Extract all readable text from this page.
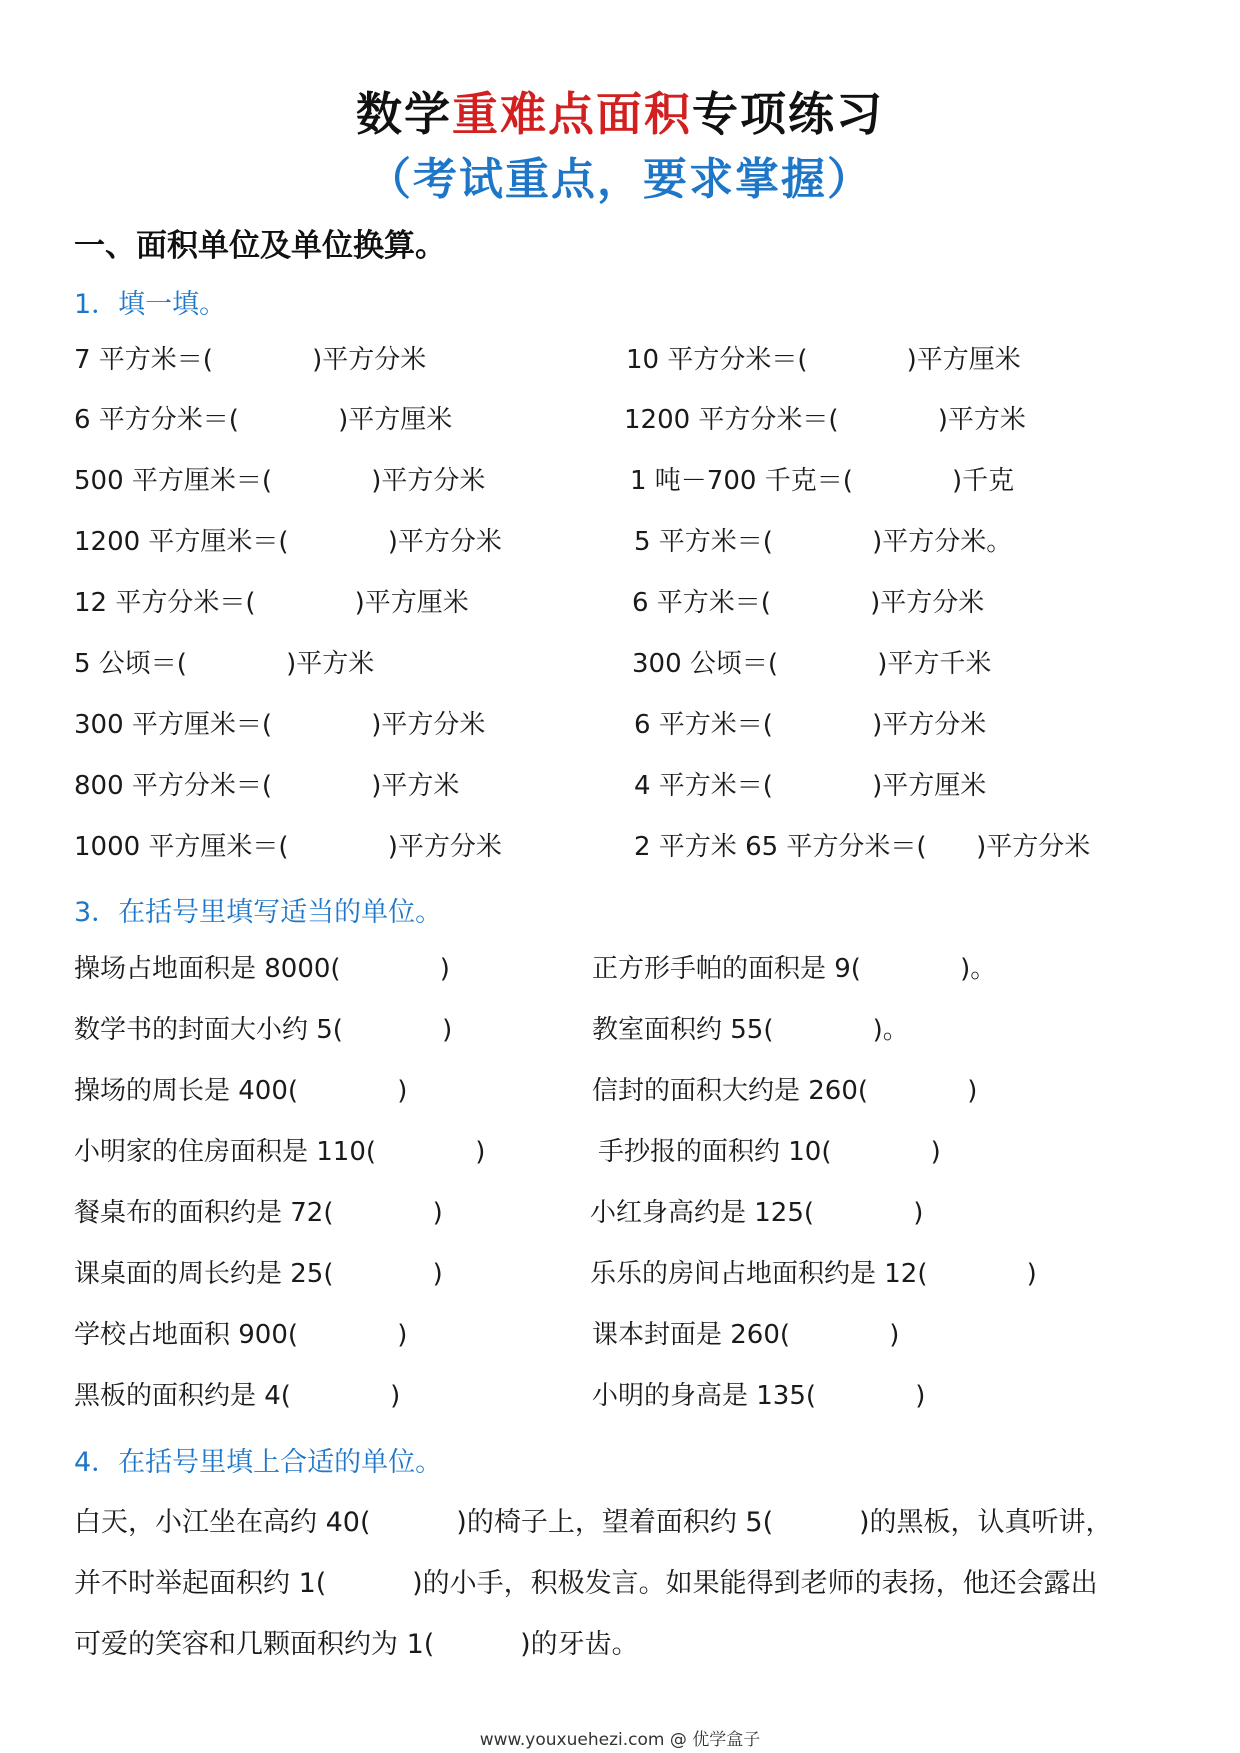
数学重难点面积专项练习
（考试重点，要求掌握）
一、面积单位及单位换算。
1．填一填。
7 平方米＝(            )平方分米
6 平方分米＝(            )平方厘米
500 平方厘米＝(            )平方分米
1200 平方厘米＝(            )平方分米
12 平方分米＝(            )平方厘米
5 公顷＝(            )平方米
300 平方厘米＝(            )平方分米
800 平方分米＝(            )平方米
1000 平方厘米＝(            )平方分米
10 平方分米＝(            )平方厘米
1200 平方分米＝(            )平方米
1 吨－700 千克＝(            )千克
5 平方米＝(            )平方分米。
6 平方米＝(            )平方分米
300 公顷＝(            )平方千米
6 平方米＝(            )平方分米
4 平方米＝(            )平方厘米
2 平方米 65 平方分米＝(      )平方分米
3．在括号里填写适当的单位。
操场占地面积是 8000(            )
数学书的封面大小约 5(            )
操场的周长是 400(            )
小明家的住房面积是 110(            )
餐桌布的面积约是 72(            )
课桌面的周长约是 25(            )
学校占地面积 900(            )
黑板的面积约是 4(            )
正方形手帕的面积是 9(            )。
教室面积约 55(            )。
信封的面积大约是 260(            )
手抄报的面积约 10(            )
小红身高约是 125(            )
乐乐的房间占地面积约是 12(            )
课本封面是 260(            )
小明的身高是 135(            )
4．在括号里填上合适的单位。
白天，小江坐在高约 40(          )的椅子上，望着面积约 5(          )的黑板，认真听讲，
并不时举起面积约 1(          )的小手，积极发言。如果能得到老师的表扬，他还会露出
可爱的笑容和几颗面积约为 1(          )的牙齿。
www.youxuehezi.com @ 优学盒子
